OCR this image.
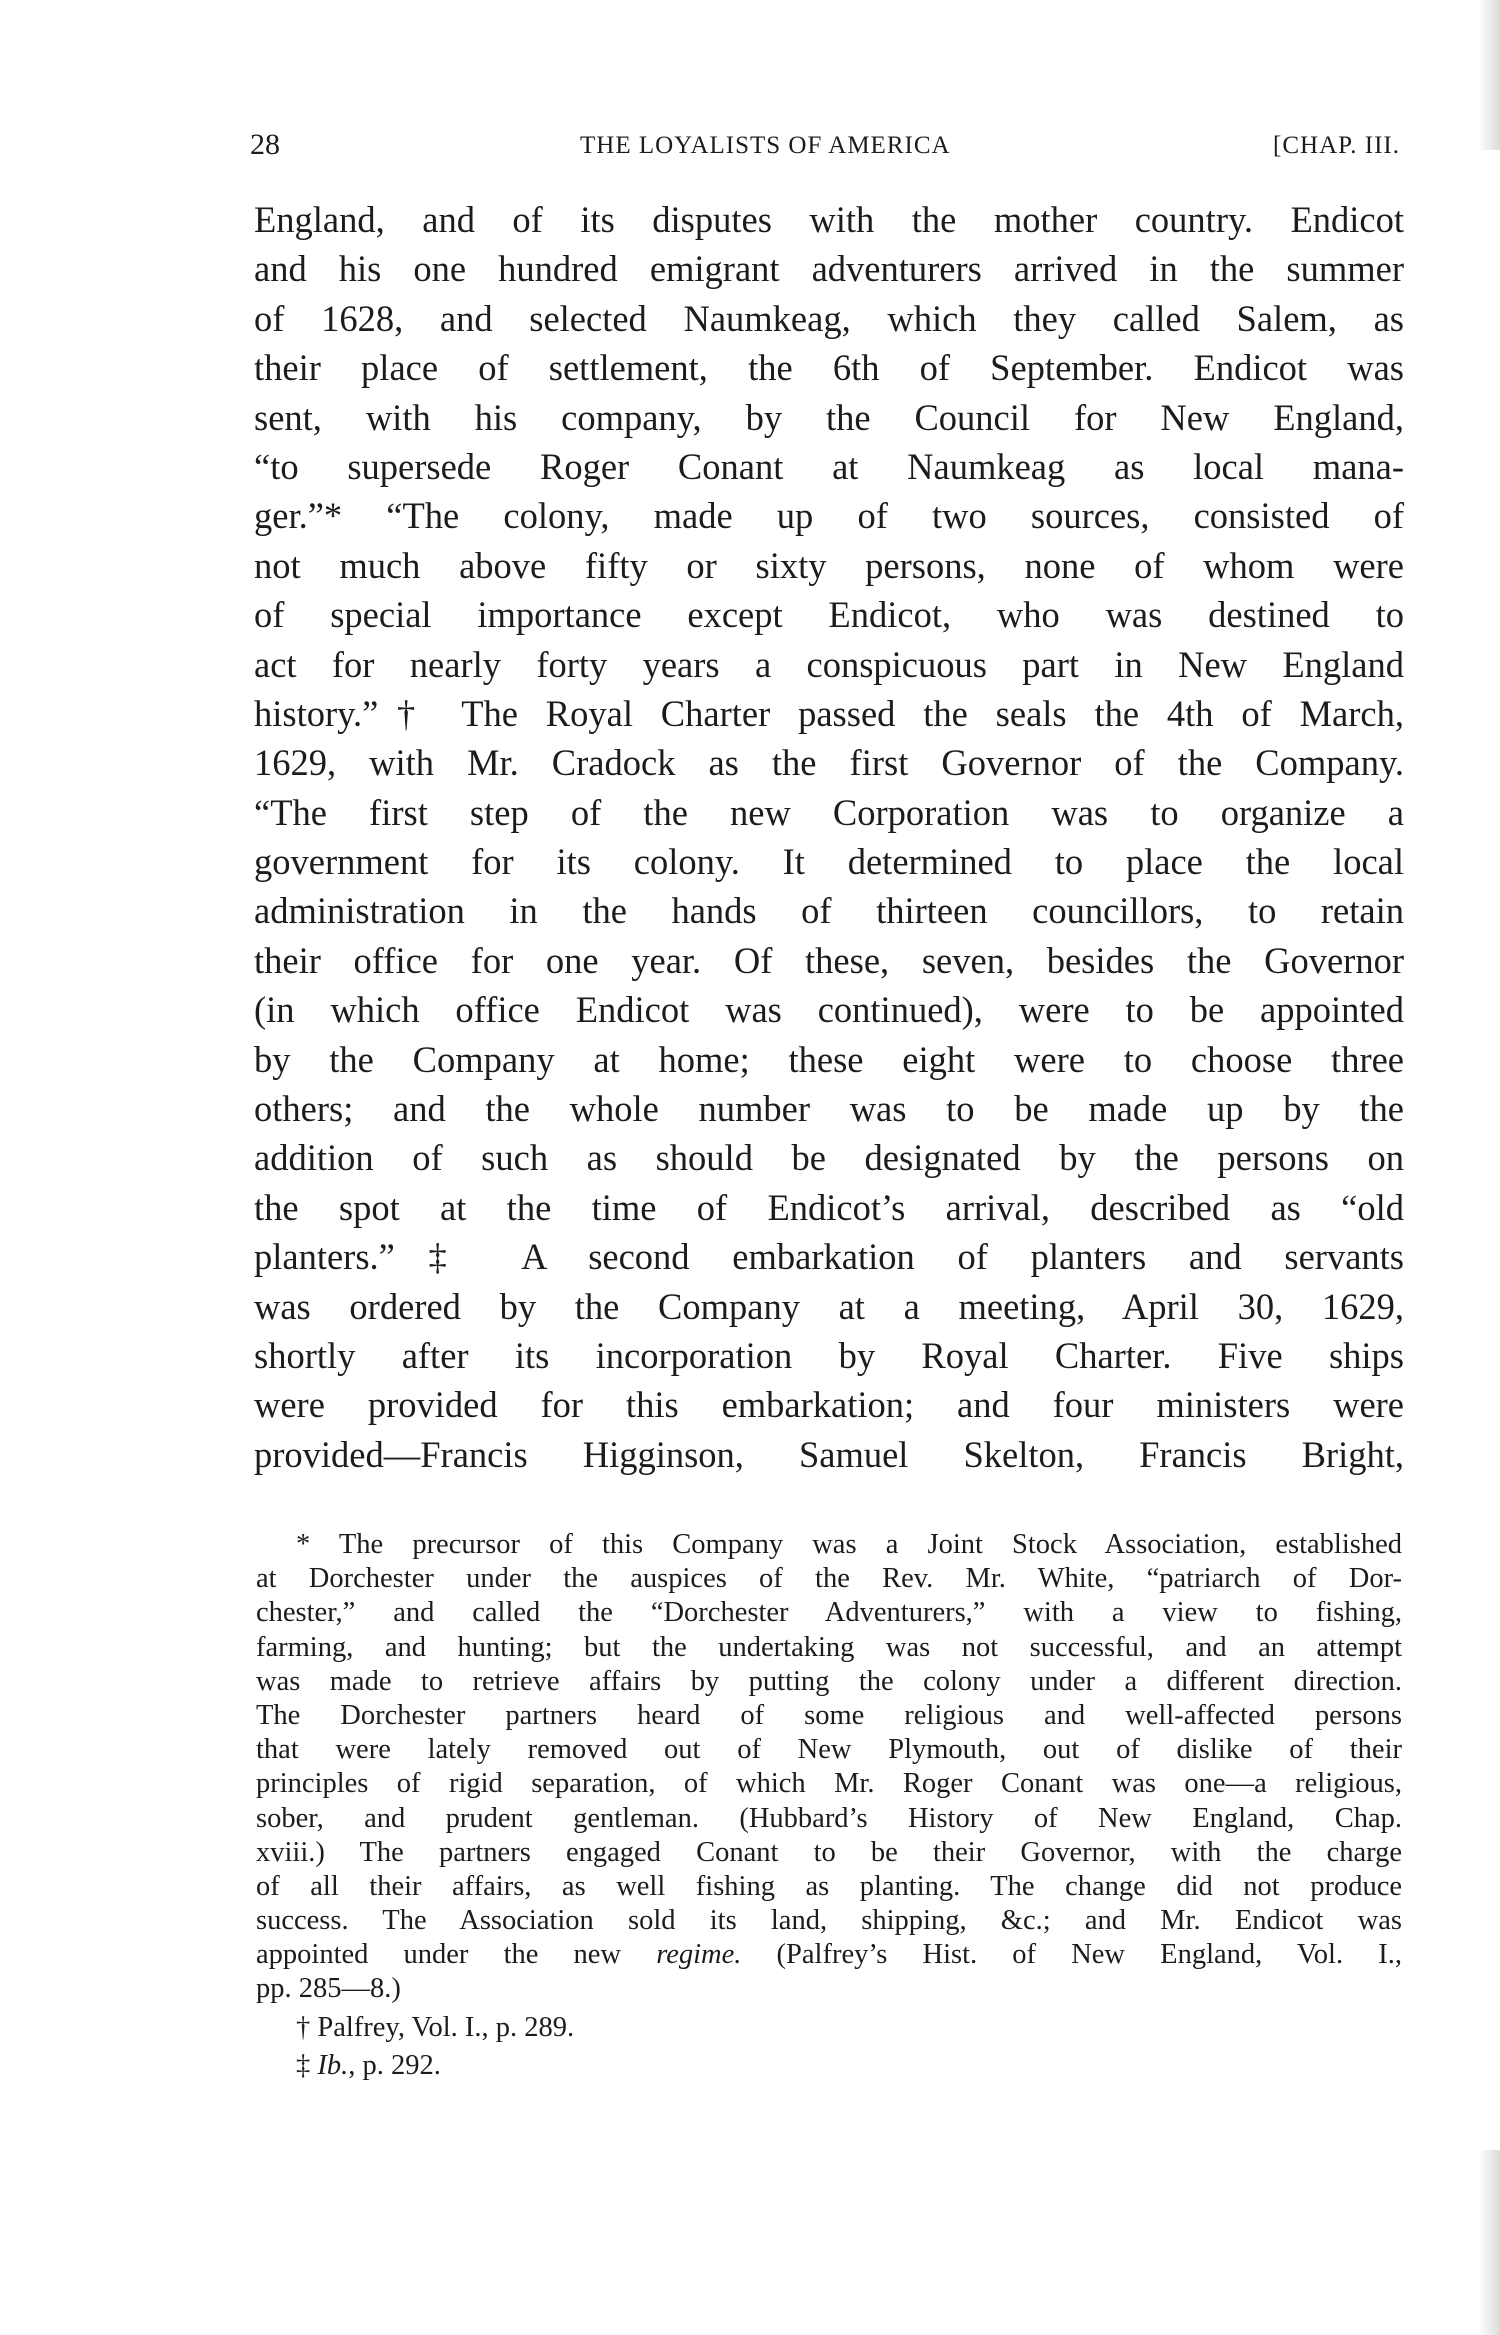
28	THE LOYALISTS OF AMERICA	[CHAP. III.
England, and of its disputes with the mother country. Endicot
and his one hundred emigrant adventurers arrived in the summer
of 1628, and selected Naumkeag, which they called Salem, as
their place of settlement, the 6th of September. Endicot was
sent, with his company, by the Council for New England,
“to supersede Roger Conant at Naumkeag as local mana-
ger.”* “The colony, made up of two sources, consisted of
not much above fifty or sixty persons, none of whom were
of special importance except Endicot, who was destined to
act for nearly forty years a conspicuous part in New England
history.”† The Royal Charter passed the seals the 4th of March,
1629, with Mr. Cradock as the first Governor of the Company.
“The first step of the new Corporation was to organize a
government for its colony. It determined to place the local
administration in the hands of thirteen councillors, to retain
their office for one year. Of these, seven, besides the Governor
(in which office Endicot was continued), were to be appointed
by the Company at home; these eight were to choose three
others; and the whole number was to be made up by the
addition of such as should be designated by the persons on
the spot at the time of Endicot’s arrival, described as “old
planters.”‡ A second embarkation of planters and servants
was ordered by the Company at a meeting, April 30, 1629,
shortly after its incorporation by Royal Charter. Five ships
were provided for this embarkation; and four ministers were
provided—Francis Higginson, Samuel Skelton, Francis Bright,
* The precursor of this Company was a Joint Stock Association, established
at Dorchester under the auspices of the Rev. Mr. White, “patriarch of Dor-
chester,” and called the “Dorchester Adventurers,” with a view to fishing,
farming, and hunting; but the undertaking was not successful, and an attempt
was made to retrieve affairs by putting the colony under a different direction.
The Dorchester partners heard of some religious and well-affected persons
that were lately removed out of New Plymouth, out of dislike of their
principles of rigid separation, of which Mr. Roger Conant was one—a religious,
sober, and prudent gentleman. (Hubbard’s History of New England, Chap.
xviii.) The partners engaged Conant to be their Governor, with the charge
of all their affairs, as well fishing as planting. The change did not produce
success. The Association sold its land, shipping, &c.; and Mr. Endicot was
appointed under the new regime. (Palfrey’s Hist. of New England, Vol. I.,
pp. 285—8.)
† Palfrey, Vol. I., p. 289.
‡ Ib., p. 292.
